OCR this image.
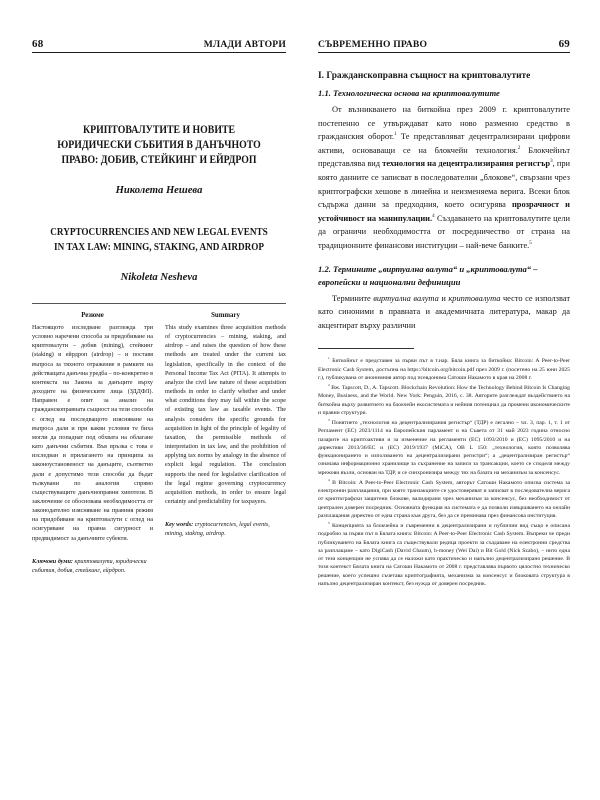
68	МЛАДИ АВТОРИ
КРИПТОВАЛУТИТЕ И НОВИТЕ ЮРИДИЧЕСКИ СЪБИТИЯ В ДАНЪЧНОТО ПРАВО: ДОБИВ, СТЕЙКИНГ И ЕЙРДРОП
Николета Нешева
CRYPTOCURRENCIES AND NEW LEGAL EVENTS IN TAX LAW: MINING, STAKING, AND AIRDROP
Nikoleta Nesheva
Резюме
Настоящото изследване разглежда три условно наречени способа за придобиване на криптовалути – добив (mining), стейкинг (staking) и ейрдроп (airdrop) – и поставя въпроса за тяхното отражение в рамките на действащата данъчна уредба – по-конкретно в контекста на Закона за данъците върху доходите на физическите лица (ЗДДФЛ). Направен е опит за анализ на гражданскоправната същност на тези способи с оглед на последващото изясняване на въпроса дали и при какви условия те биха могли да попаднат под обхвата на облагане като данъчни събития. Във връзка с това е изследван и прилагането на принципа за законоустановеност на данъците, съответно дали е допустимо тези способи да бъдат тълкувани по аналогия спрямо съществуващите данъчноправни хипотези. В заключение се обосновава необходимостта от законодателно изясняване на правния режим на придобиване на криптовалути с оглед на осигуряване на правна сигурност и предвидимост за данъчните субекти.
Ключови думи: криптовалути, юридически събития, добив, стейкинг, ейрдроп.
Summary
This study examines three acquisition methods of cryptocurrencies – mining, staking, and airdrop – and raises the question of how these methods are treated under the current tax legislation, specifically in the context of the Personal Income Tax Act (PITA). It attempts to analyze the civil law nature of these acquisition methods in order to clarify whether and under what conditions they may fall within the scope of existing tax law as taxable events. The analysis considers the specific grounds for acquisition in light of the principle of legality of taxation, the permissible methods of interpretation in tax law, and the prohibition of applying tax norms by analogy in the absence of explicit legal regulation. The conclusion supports the need for legislative clarification of the legal regime governing cryptocurrency acquisition methods, in order to ensure legal certainty and predictability for taxpayers.
Key words: cryptocurrencies, legal events, mining, staking, airdrop.
СЪВРЕМЕННО ПРАВО	69
I. Гражданскоправна същност на криптовалутите
1.1. Технологическа основа на криптовалутите

От възникването на биткойна през 2009 г. криптовалутите постепенно се утвърждават като ново разменно средство в гражданския оборот.$^1$ Те представляват децентрализирани цифрови активи, основаващи се на блокчейн технология.$^2$ Блокчейнът представлява вид технология на децентрализирания регистър$^3$, при която данните се записват в последователни „блокове“, свързани чрез криптографски хешове в линейна и неизменяема верига. Всеки блок съдържа данни за предходния, което осигурява прозрачност и устойчивост на манипулации.$^4$ Създаването на криптовалутите цели да ограничи необходимостта от посредничество от страна на традиционните финансови институции – най-вече банките.$^5$

1.2. Термините „виртуална валута“ и „криптовалута“ – европейски и национални дефиниции

Термините виртуална валута и криптовалута често се използват като синоними в правната и академичната литература, макар да акцентират върху различни

$^1$ Биткойнът е представен за първи път в т.нар. Бяла книга за биткойна: Bitcoin: A Peer-to-Peer Electronic Cash System, достъпна на https://bitcoin.org/bitcoin.pdf през 2009 г. (посетено на 25 юни 2025 г.), публикувана от анонимния автор под псевдонима Сатоши Накамото в края на 2008 г.

$^2$ Вж. Tapscott, D., A. Tapscott. Blockchain Revolution: How the Technology Behind Bitcoin Is Changing Money, Business, and the World. New York: Penguin, 2016, с. 38. Авторите разглеждат въздействието на биткойна върху развитието на блокчейн екосистемата и нейния потенциал да промени икономическите и правни структури.

$^3$ Понятието „технология на децентрализирания регистър“ (ТДР) е легално – чл. 3, пар. 1, т. 1 от Регламент (ЕС) 2023/1114 на Европейския парламент и на Съвета от 31 май 2023 година относно пазарите на криптоактиви и за изменение на регламенти (ЕС) 1093/2010 и (ЕС) 1095/2010 и на директиви 2013/36/ЕС и (ЕС) 2019/1937 (MiCA), OB L 150: „технология, която позволява функционирането и използването на децентрализирани регистри“; а „децентрализиран регистър“ означава информационно хранилище за съхранение на записи за трансакции, което се споделя между мрежови възли, основан на ТДР, и се синхронизира между тях на базата на механизъм за консенсус.

$^4$ В Bitcoin: A Peer-to-Peer Electronic Cash System, авторът Сатоши Накамото описва система за електронни разплащания, при която транзакциите се удостоверяват и записват в последователна верига от криптографски защитени блокове, валидирани чрез механизъм за консенсус, без необходимост от централен доверен посредник. Основната функция на системата е да позволи извършването на онлайн разплащания директно от една страна към друга, без да се преминава през финансова институция.

$^5$ Концепцията за блокчейна и съвременни в децентрализирани и публични вид също е описана подробно за първи път в Бялата книга: Bitcoin: A Peer-to-Peer Electronic Cash System. Въпреки че преди публикуването на Бялата книга са съществували редица проекти за създаване на електронни средства за разплащане – като DigiCash (David Chaum), b-money (Wei Dai) и Bit Gold (Nick Szabo), – нито една от тези концепции не успява да се наложи като практическо и напълно децентрализирано решение. В този контекст Бялата книга на Сатоши Накамото от 2008 г. представлява първото цялостно техническо решение, което успешно съчетава криптографията, механизма за консенсус и блоковата структура в напълно децентрализиран контекст, без нужда от доверен посредник.
